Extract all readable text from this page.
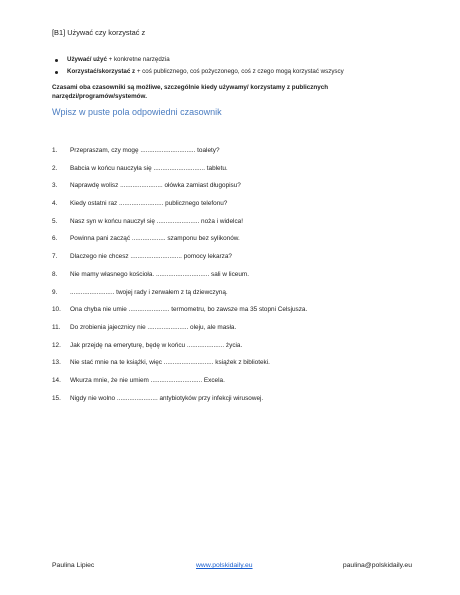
[B1] Używać czy korzystać z
Używać/ użyć + konkretne narzędzia
Korzystać/skorzystać z + coś publicznego, coś pożyczonego, coś z czego mogą korzystać wszyscy
Czasami oba czasowniki są możliwe, szczególnie kiedy używamy/ korzystamy z publicznych narzędzi/programów/systemów.
Wpisz w puste pola odpowiedni czasownik
1.	Przepraszam, czy mogę ............................... toalety?
2.	Babcia w końcu nauczyła się ............................. tabletu.
3.	Naprawdę wolisz ........................ ołówka zamiast długopisu?
4.	Kiedy ostatni raz ......................... publicznego telefonu?
5.	Nasz syn w końcu nauczył się ........................ noża i widelca!
6.	Powinna pani zacząć ................... szamponu bez sylikonów.
7.	Dlaczego nie chcesz ............................. pomocy lekarza?
8.	Nie mamy własnego kościoła. .............................. sali w liceum.
9.	......................... twojej rady i zerwałem z tą dziewczyną.
10.	Ona chyba nie umie ....................... termometru, bo zawsze ma 35 stopni Celsjusza.
11.	Do zrobienia jajecznicy nie ....................... oleju, ale masła.
12.	Jak przejdę na emeryturę, będę w końcu ..................... życia.
13.	Nie stać mnie na te książki, więc ............................ książek z biblioteki.
14.	Wkurza mnie, że nie umiem ............................. Excela.
15.	Nigdy nie wolno ....................... antybiotyków przy infekcji wirusowej.
Paulina Lipiec	www.polskidaily.eu	paulina@polskidaily.eu
